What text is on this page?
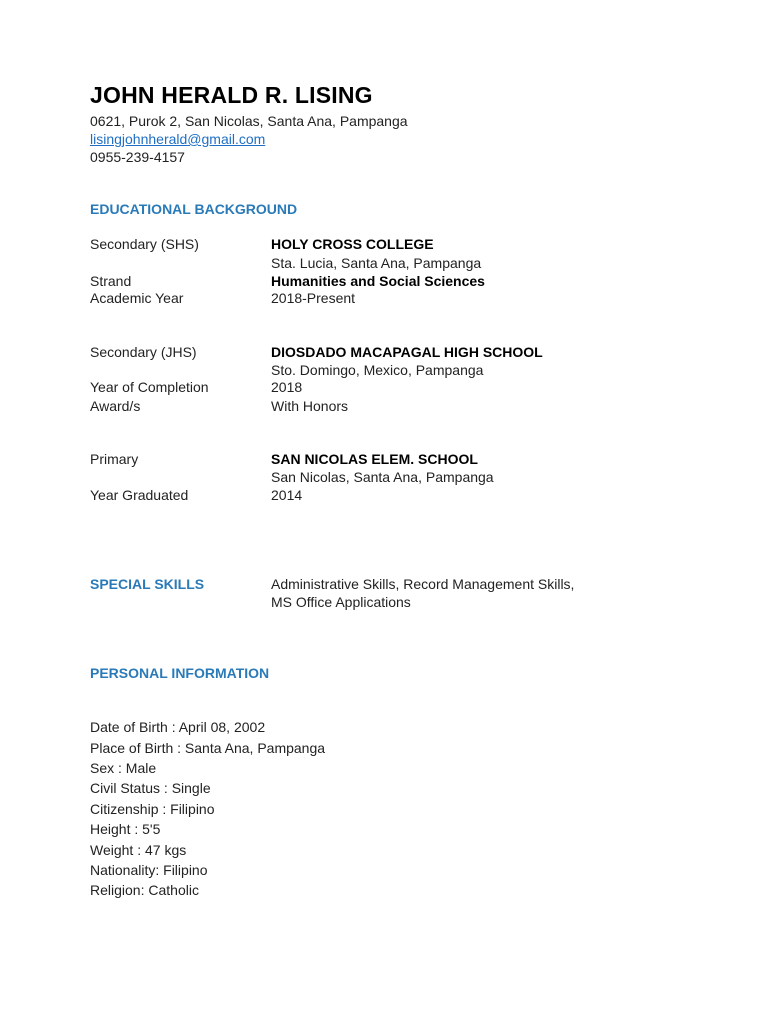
JOHN HERALD R. LISING
0621, Purok 2, San Nicolas, Santa Ana, Pampanga
lisingjohnherald@gmail.com
0955-239-4157
EDUCATIONAL BACKGROUND
Secondary (SHS)	HOLY CROSS COLLEGE
Sta. Lucia, Santa Ana, Pampanga
Strand	Humanities and Social Sciences
Academic Year	2018-Present
Secondary (JHS)	DIOSDADO MACAPAGAL HIGH SCHOOL
Sto. Domingo, Mexico, Pampanga
Year of Completion	2018
Award/s	With Honors
Primary	SAN NICOLAS ELEM. SCHOOL
San Nicolas, Santa Ana, Pampanga
Year Graduated	2014
SPECIAL SKILLS	Administrative Skills, Record Management Skills,
MS Office Applications
PERSONAL INFORMATION
Date of Birth : April 08, 2002
Place of Birth : Santa Ana, Pampanga
Sex : Male
Civil Status : Single
Citizenship : Filipino
Height : 5'5
Weight : 47 kgs
Nationality: Filipino
Religion: Catholic
